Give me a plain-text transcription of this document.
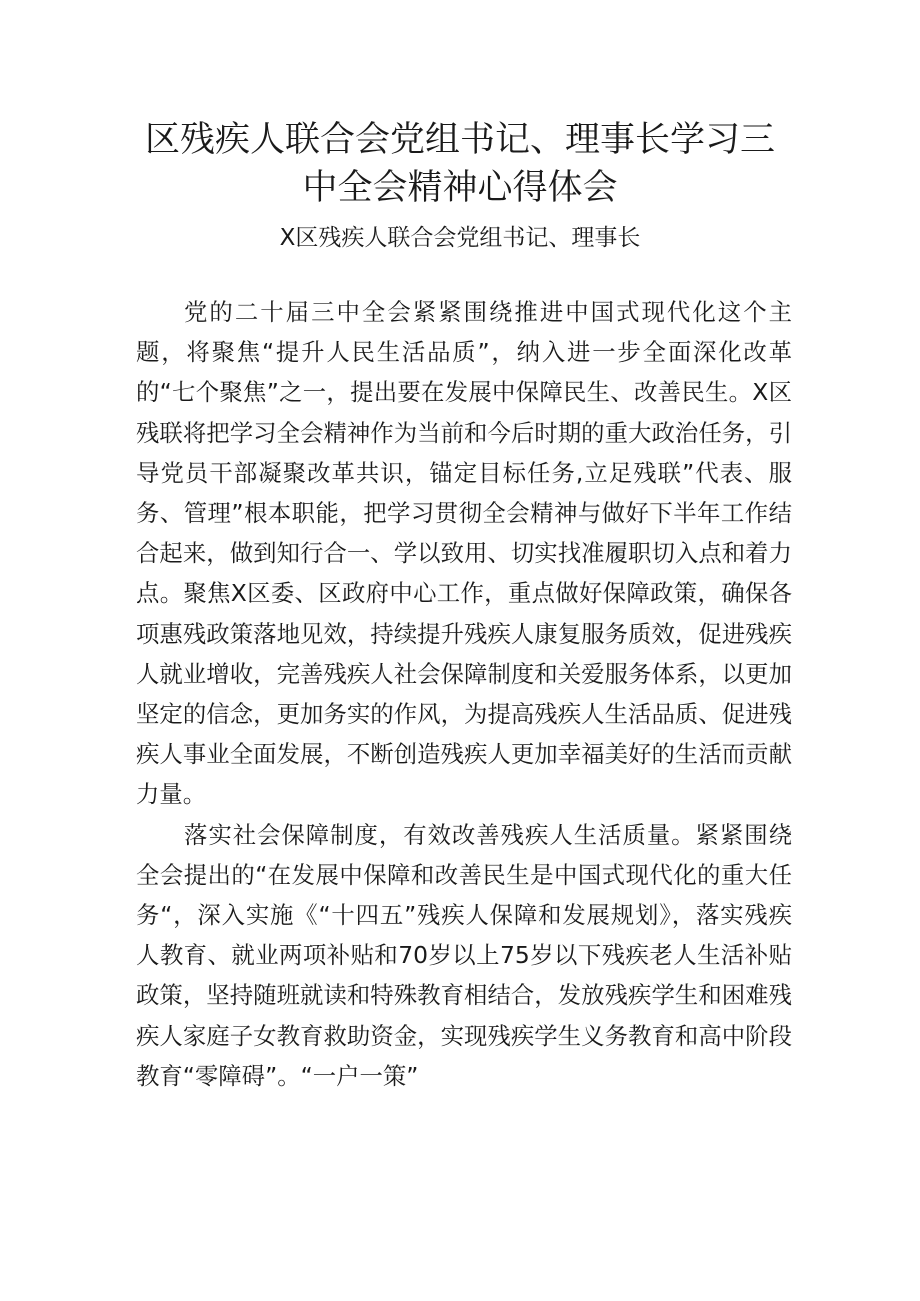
区残疾人联合会党组书记、理事长学习三中全会精神心得体会
X区残疾人联合会党组书记、理事长

党的二十届三中全会紧紧围绕推进中国式现代化这个主题，将聚焦“提升人民生活品质”，纳入进一步全面深化改革的“七个聚焦”之一，提出要在发展中保障民生、改善民生。X区残联将把学习全会精神作为当前和今后时期的重大政治任务，引导党员干部凝聚改革共识，锚定目标任务,立足残联”代表、服务、管理”根本职能，把学习贯彻全会精神与做好下半年工作结合起来，做到知行合一、学以致用、切实找准履职切入点和着力点。聚焦X区委、区政府中心工作，重点做好保障政策，确保各项惠残政策落地见效，持续提升残疾人康复服务质效，促进残疾人就业增收，完善残疾人社会保障制度和关爱服务体系，以更加坚定的信念，更加务实的作风，为提高残疾人生活品质、促进残疾人事业全面发展，不断创造残疾人更加幸福美好的生活而贡献力量。

落实社会保障制度，有效改善残疾人生活质量。紧紧围绕全会提出的“在发展中保障和改善民生是中国式现代化的重大任务“，深入实施《“十四五”残疾人保障和发展规划》，落实残疾人教育、就业两项补贴和70岁以上75岁以下残疾老人生活补贴政策，坚持随班就读和特殊教育相结合，发放残疾学生和困难残疾人家庭子女教育救助资金，实现残疾学生义务教育和高中阶段教育“零障碍”。“一户一策”
